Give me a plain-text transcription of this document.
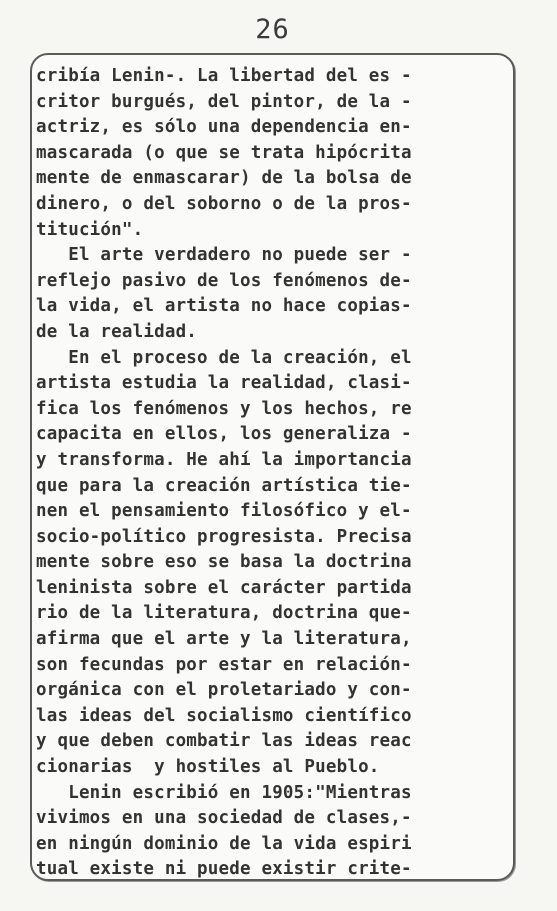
26
cribía Lenin-. La libertad del es -
critor burgués, del pintor, de la -
actriz, es sólo una dependencia en-
mascarada (o que se trata hipócrita
mente de enmascarar) de la bolsa de
dinero, o del soborno o de la pros-
titución".
El arte verdadero no puede ser -
reflejo pasivo de los fenómenos de-
la vida, el artista no hace copias-
de la realidad.
En el proceso de la creación, el
artista estudia la realidad, clasi-
fica los fenómenos y los hechos, re
capacita en ellos, los generaliza -
y transforma. He ahí la importancia
que para la creación artística tie-
nen el pensamiento filosófico y el-
socio-político progresista. Precisa
mente sobre eso se basa la doctrina
leninista sobre el carácter partida
rio de la literatura, doctrina que-
afirma que el arte y la literatura,
son fecundas por estar en relación-
orgánica con el proletariado y con-
las ideas del socialismo científico
y que deben combatir las ideas reac
cionarias  y hostiles al Pueblo.
Lenin escribió en 1905:"Mientras
vivimos en una sociedad de clases,-
en ningún dominio de la vida espiri
tual existe ni puede existir crite-
